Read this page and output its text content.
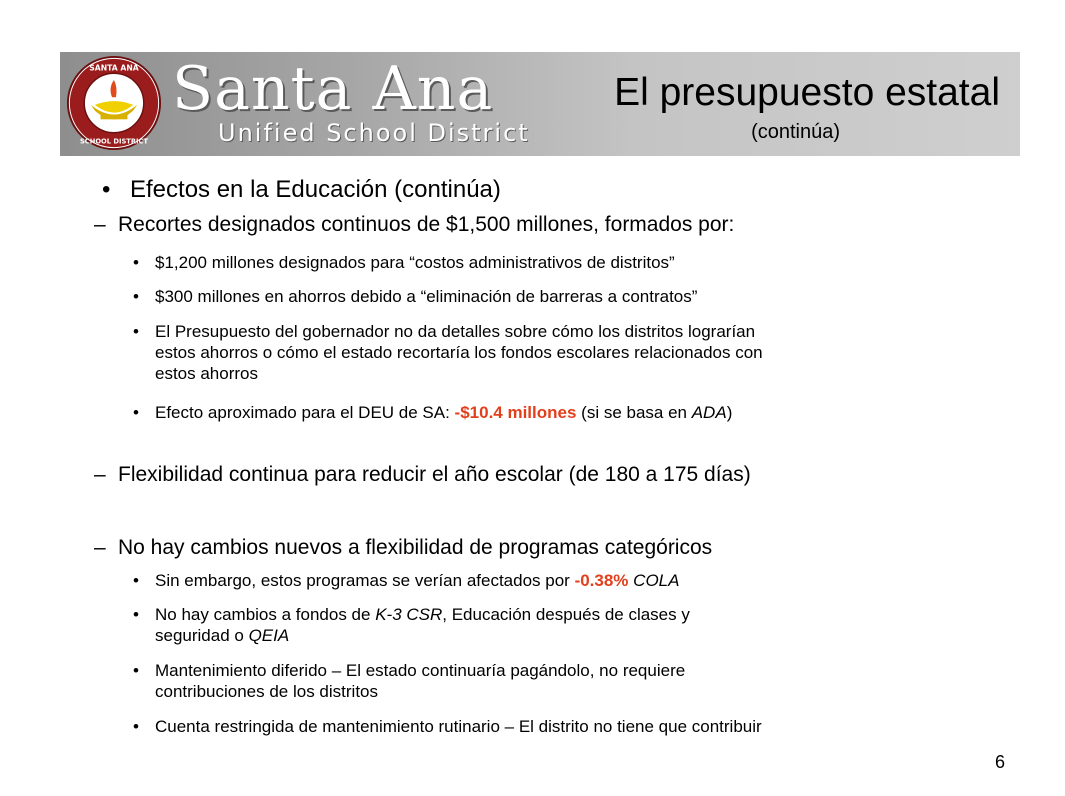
SANTA ANA
SCHOOL DISTRICT
Santa Ana
Unified School District
El presupuesto estatal
(continúa)
• Efectos en la Educación (continúa)
– Recortes designados continuos de $1,500 millones, formados por:
• $1,200 millones designados para “costos administrativos de distritos”
• $300 millones en ahorros debido a “eliminación de barreras a contratos”
• El Presupuesto del gobernador no da detalles sobre cómo los distritos lograrían
estos ahorros o cómo el estado recortaría los fondos escolares relacionados con
estos ahorros
• Efecto aproximado para el DEU de SA: -$10.4 millones (si se basa en ADA)
– Flexibilidad continua para reducir el año escolar (de 180 a 175 días)
– No hay cambios nuevos a flexibilidad de programas categóricos
• Sin embargo, estos programas se verían afectados por -0.38% COLA
• No hay cambios a fondos de K-3 CSR, Educación después de clases y
seguridad o QEIA
• Mantenimiento diferido – El estado continuaría pagándolo, no requiere
contribuciones de los distritos
• Cuenta restringida de mantenimiento rutinario – El distrito no tiene que contribuir
6
